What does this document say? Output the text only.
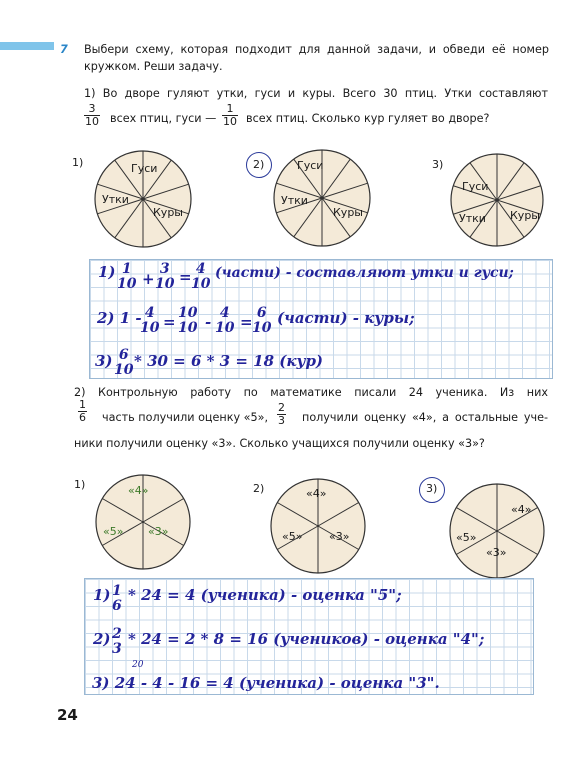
7 Выбери схему, которая подходит для данной задачи, и обведи её номер
кружком. Реши задачу.
1) Во дворе гуляют утки, гуси и куры. Всего 30 птиц. Утки составляют
$\frac{3}{10}$ всех птиц, гуси — $\frac{1}{10}$ всех птиц. Сколько кур гуляет во дворе?
1)	2)	3)
Гуси
Утки
Куры
Гуси
Утки
Куры
Гуси
Утки Куры
1) 1
10 +
3
10 = 4
10
(части) - составляют утки и гуси;
2) 1 - 4
10 = 10
10 - 4
10 = 6
10
(части) - куры;
3) 6
10 * 30 = 6 * 3 = 18 (кур)
2) Контрольную работу по математике писали 24 ученика. Из них
$\frac{1}{6}$ часть получили оценку «5», $\frac{2}{3}$ получили оценку «4», а остальные уче-
ники получили оценку «3». Сколько учащихся получили оценку «3»?
1)	2)	3)
«4»
«5» «3»
«4»
«5» «3»
«4»
«5»
«3»
1) 1
6
* 24 = 4 (ученика) - оценка "5";
2) 2
3
* 24 = 2 * 8 = 16 (учеников) - оценка "4";
20
3) 24 - 4 - 16 = 4 (ученика) - оценка "3".
24
